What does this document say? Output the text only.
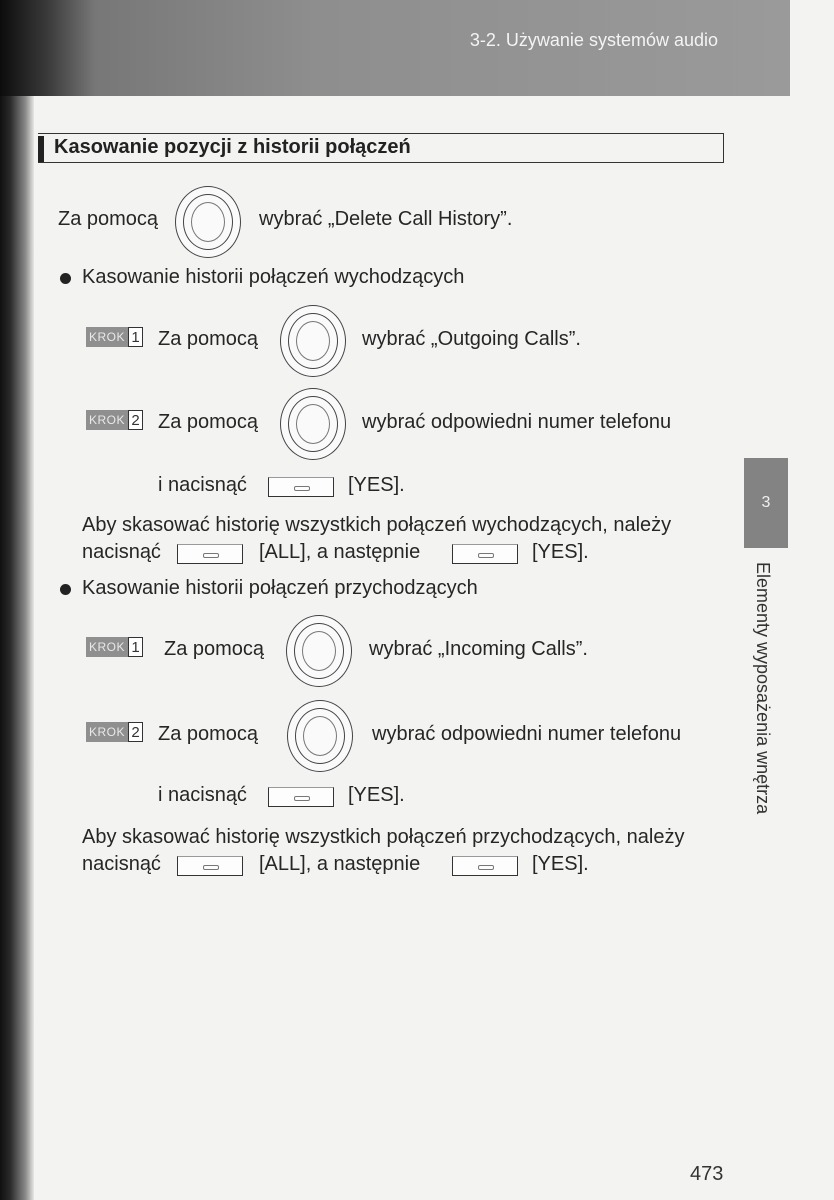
3-2. Używanie systemów audio
Kasowanie pozycji z historii połączeń
Za pomocą	wybrać „Delete Call History”.
Kasowanie historii połączeń wychodzących
KROK 1 Za pomocą	wybrać „Outgoing Calls”.
KROK 2 Za pomocą	wybrać odpowiedni numer telefonu
i nacisnąć	[YES].
Aby skasować historię wszystkich połączeń wychodzących, należy
nacisnąć	[ALL], a następnie	[YES].
Kasowanie historii połączeń przychodzących
KROK 1 Za pomocą	wybrać „Incoming Calls”.
KROK 2 Za pomocą	wybrać odpowiedni numer telefonu
i nacisnąć	[YES].
Aby skasować historię wszystkich połączeń przychodzących, należy
nacisnąć	[ALL], a następnie	[YES].
3
Elementy wyposażenia wnętrza
473
